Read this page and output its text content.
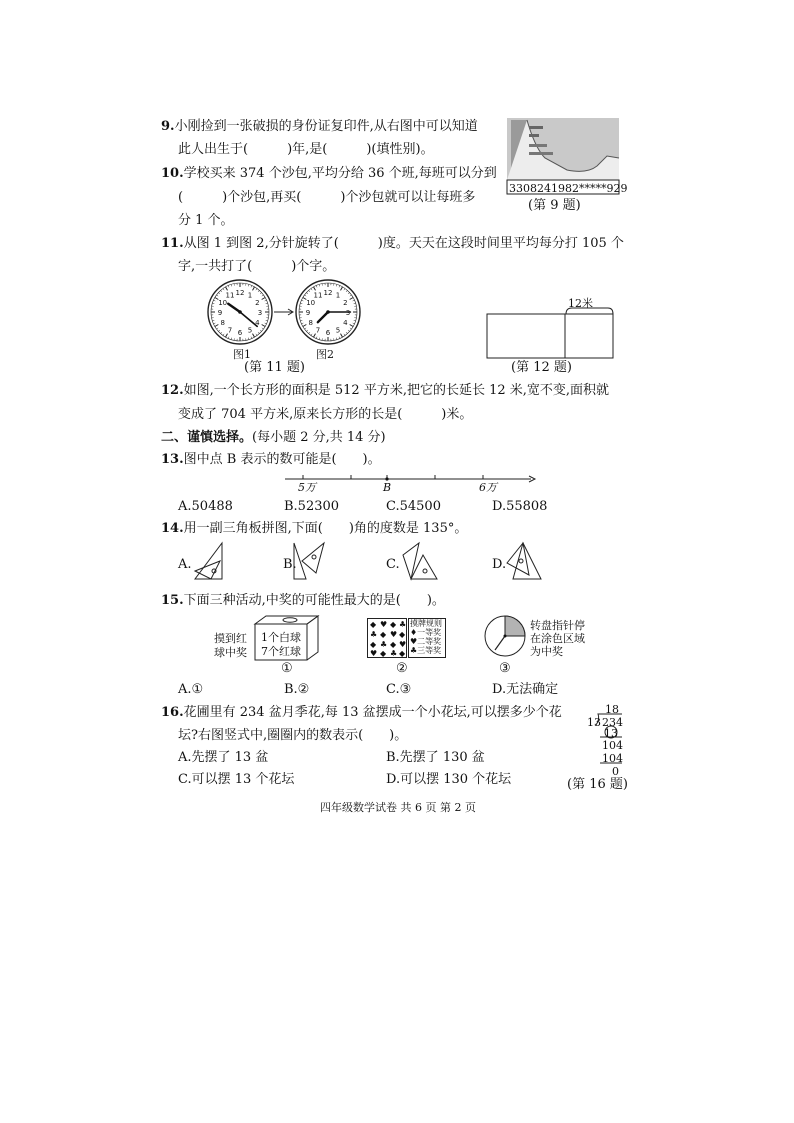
9.小刚捡到一张破损的身份证复印件,从右图中可以知道
此人出生于(　　　)年,是(　　　)(填性别)。
3308241982*****929
(第 9 题)
10.学校买来 374 个沙包,平均分给 36 个班,每班可以分到
(　　　)个沙包,再买(　　　)个沙包就可以让每班多
分 1 个。
11.从图 1 到图 2,分针旋转了(　　　)度。天天在这段时间里平均每分打 105 个
字,一共打了(　　　)个字。
12 1
2
3
4
5
6
7
8
9
10
11	12 1
2
3
4
5
6
7
8
9
10
11
图1	图2
(第 11 题)
12米
(第 12 题)
12.如图,一个长方形的面积是 512 平方米,把它的长延长 12 米,宽不变,面积就
变成了 704 平方米,原来长方形的长是(　　　)米。
二、谨慎选择。(每小题 2 分,共 14 分)
13.图中点 B 表示的数可能是(　　)。
5万	B	6万
A.50488	B.52300	C.54500	D.55808
14.用一副三角板拼图,下面(　　)角的度数是 135°。
A.	B.	C.	D.
15.下面三种活动,中奖的可能性最大的是(　　)。
摸到红
球中奖
1个白球
7个红球
①
◆ ♥ ◆ ♣
♣ ◆ ♥ ◆
◆ ♣ ◆ ♥
♥ ◆ ♣ ◆
摸牌规则
♦一等奖
♥二等奖
♣三等奖
②
转盘指针停
在涂色区域
为中奖
③
A.①	B.②	C.③	D.无法确定
16.花圃里有 234 盆月季花,每 13 盆摆成一个小花坛,可以摆多少个花
坛?右图竖式中,圈圈内的数表示(　　)。
A.先摆了 13 盆	B.先摆了 130 盆
C.可以摆 13 个花坛	D.可以摆 130 个花坛
18
13 234
13
104
104
0
(第 16 题)
四年级数学试卷 共 6 页 第 2 页
